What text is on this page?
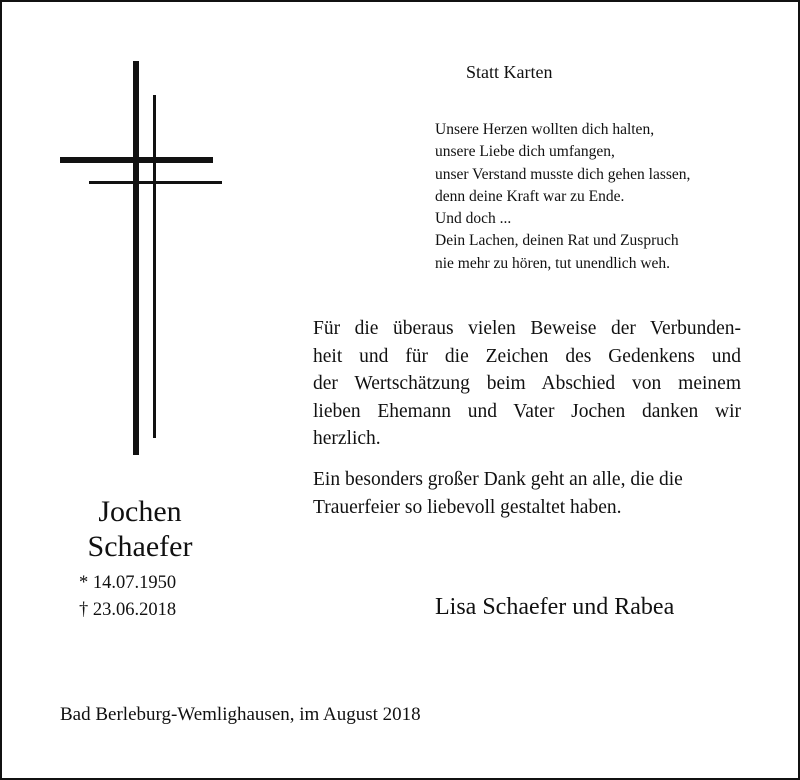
Statt Karten
Unsere Herzen wollten dich halten,
unsere Liebe dich umfangen,
unser Verstand musste dich gehen lassen,
denn deine Kraft war zu Ende.
Und doch ...
Dein Lachen, deinen Rat und Zuspruch
nie mehr zu hören, tut unendlich weh.
Für die überaus vielen Beweise der Verbunden-
heit und für die Zeichen des Gedenkens und
der Wertschätzung beim Abschied von meinem
lieben Ehemann und Vater Jochen danken wir
herzlich.
Ein besonders großer Dank geht an alle, die die
Trauerfeier so liebevoll gestaltet haben.
Jochen
Schaefer
* 14.07.1950
† 23.06.2018	Lisa Schaefer und Rabea
Bad Berleburg-Wemlighausen, im August 2018
